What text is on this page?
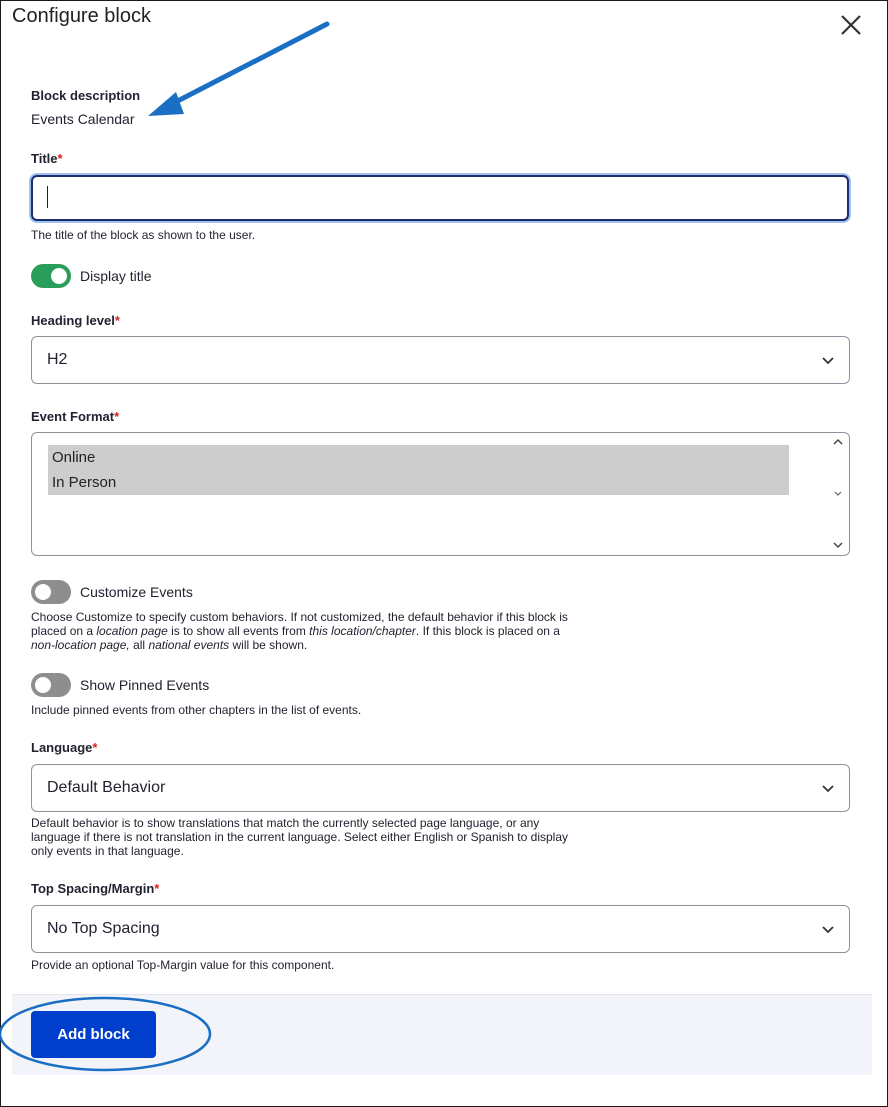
Configure block
Block description
Events Calendar
Title*
The title of the block as shown to the user.
Display title
Heading level*
H2
Event Format*
Online
In Person
Customize Events
Choose Customize to specify custom behaviors. If not customized, the default behavior if this block is placed on a location page is to show all events from this location/chapter. If this block is placed on a non-location page, all national events will be shown.
Show Pinned Events
Include pinned events from other chapters in the list of events.
Language*
Default Behavior
Default behavior is to show translations that match the currently selected page language, or any language if there is not translation in the current language. Select either English or Spanish to display only events in that language.
Top Spacing/Margin*
No Top Spacing
Provide an optional Top-Margin value for this component.
Add block
